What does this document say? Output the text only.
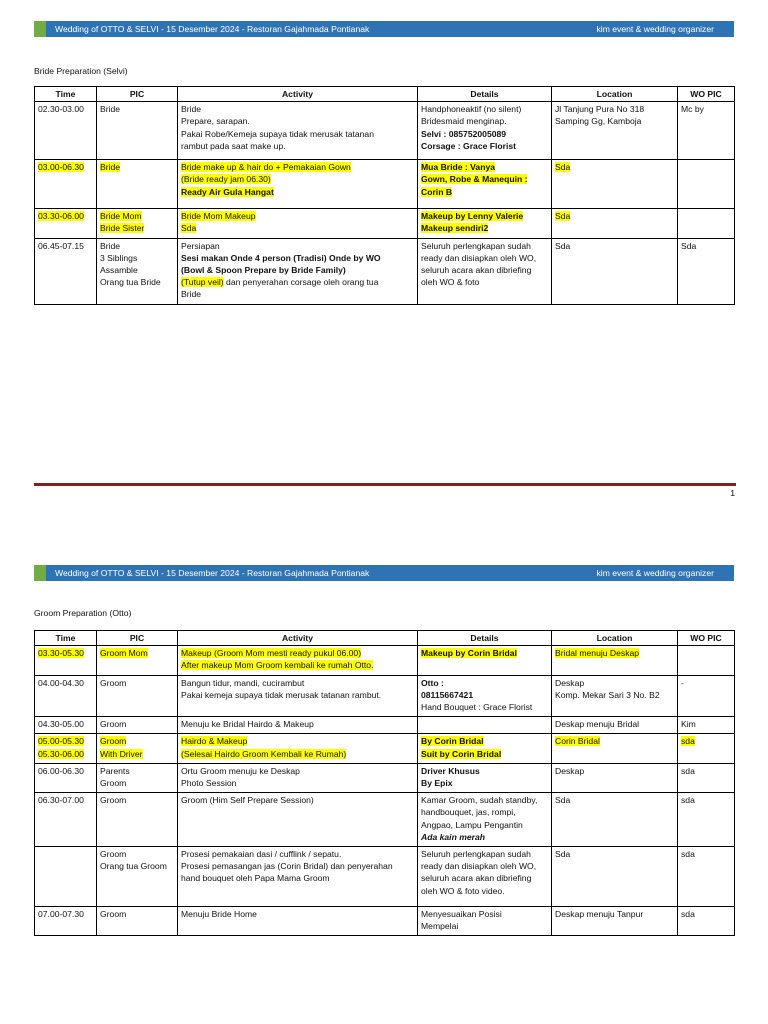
Wedding of OTTO & SELVI - 15 Desember 2024 - Restoran Gajahmada Pontianak	kim event & wedding organizer
Bride Preparation (Selvi)
Time	PIC	Activity	Details	Location	WO PIC

02.30-03.00	Bride	Bride
Prepare, sarapan.
Pakai Robe/Kemeja supaya tidak merusak tatanan
rambut pada saat make up.	Handphoneaktif (no silent)
Bridesmaid menginap.
Selvi : 085752005089
Corsage : Grace Florist	Jl Tanjung Pura No 318
Samping Gg, Kamboja	Mc by

03.00-06.30	Bride	Bride make up & hair do + Pemakaian Gown
(Bride ready jam 06.30)
Ready Air Gula Hangat	Mua Bride : Vanya
Gown, Robe & Manequin :
Corin B	Sda	

03.30-06.00	Bride Mom
Bride Sister	Bride Mom Makeup
Sda	Makeup by Lenny Valerie
Makeup sendiri2	Sda	

06.45-07.15	Bride
3 Siblings
Assamble
Orang tua Bride	Persiapan
Sesi makan Onde 4 person (Tradisi) Onde by WO
(Bowl & Spoon Prepare by Bride Family)
(Tutup veil) dan penyerahan corsage oleh orang tua
Bride	Seluruh perlengkapan sudah
ready dan disiapkan oleh WO,
seluruh acara akan dibriefing
oleh WO & foto	Sda	Sda
1
Wedding of OTTO & SELVI - 15 Desember 2024 - Restoran Gajahmada Pontianak	kim event & wedding organizer
Groom Preparation (Otto)
Time	PIC	Activity	Details	Location	WO PIC

03.30-05.30	Groom Mom	Makeup (Groom Mom mesti ready pukul 06.00)
After makeup Mom Groom kembali ke rumah Otto.	Makeup by Corin Bridal	Bridal menuju Deskap	

04.00-04.30	Groom	Bangun tidur, mandi, cucirambut
Pakai kemeja supaya tidak merusak tatanan rambut.	Otto :
08115667421
Hand Bouquet : Grace Florist	Deskap
Komp. Mekar Sari 3 No. B2	-

04.30-05.00	Groom	Menuju ke Bridal Hairdo & Makeup		Deskap menuju Bridal	Kim

05.00-05.30
05.30-06.00	Groom
With Driver	Hairdo & Makeup
(Selesai Hairdo Groom Kembali ke Rumah)	By Corin Bridal
Suit by Corin Bridal	Corin Bridal	sda

06.00-06.30	Parents
Groom	Ortu Groom menuju ke Deskap
Photo Session	Driver Khusus
By Epix	Deskap	sda

06.30-07.00	Groom	Groom (Him Self Prepare Session)	Kamar Groom, sudah standby,
handbouquet, jas, rompi,
Angpao, Lampu Pengantin
Ada kain merah	Sda	sda

	Groom
Orang tua Groom	Prosesi pemakaian dasi / cufflink / sepatu.
Prosesi pemasangan jas (Corin Bridal) dan penyerahan
hand bouquet oleh Papa Mama Groom	Seluruh perlengkapan sudah
ready dan disiapkan oleh WO,
seluruh acara akan dibriefing
oleh WO & foto video.	Sda	sda

07.00-07.30	Groom	Menuju Bride Home	Menyesuaikan Posisi
Mempelai	Deskap menuju Tanpur	sda
